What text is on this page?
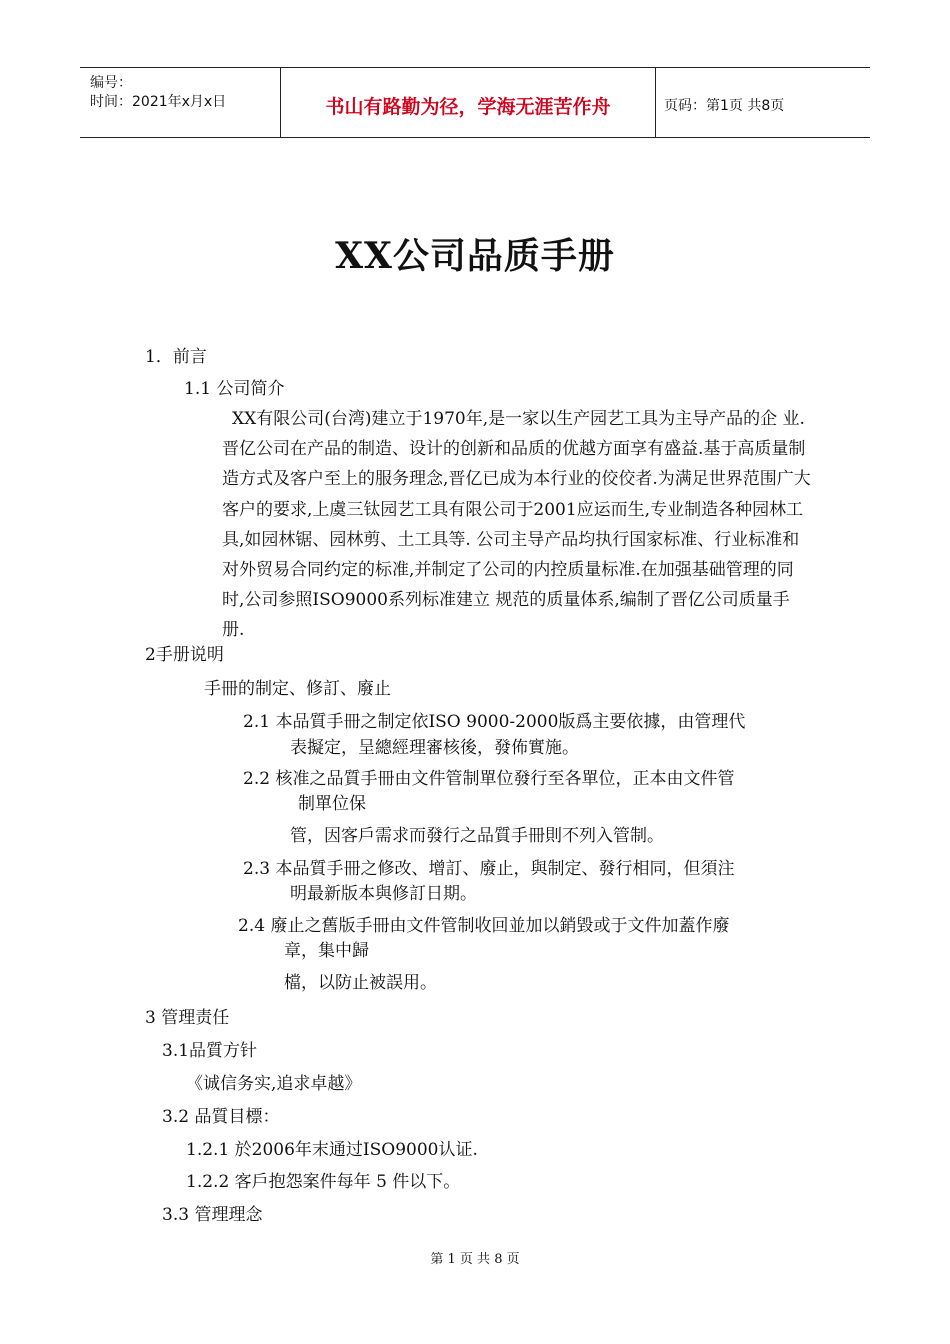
编号：
时间：2021年x月x日	书山有路勤为径，学海无涯苦作舟	页码：第1页 共8页
XX公司品质手册
1．前言
1.1 公司简介

XX有限公司(台湾)建立于1970年,是一家以生产园艺工具为主导产品的企 业.晋亿公司在产品的制造、设计的创新和品质的优越方面享有盛益.基于高质量制造方式及客户至上的服务理念,晋亿已成为本行业的佼佼者.为满足世界范围广大客户的要求,上虞三钛园艺工具有限公司于2001应运而生,专业制造各种园林工具,如园林锯、园林剪、土工具等. 公司主导产品均执行国家标准、行业标准和对外贸易合同约定的标准,并制定了公司的内控质量标准.在加强基础管理的同时,公司参照ISO9000系列标准建立 规范的质量体系,编制了晋亿公司质量手册.

2手册说明
手冊的制定、修訂、廢止
2.1 本品質手冊之制定依ISO 9000-2000版爲主要依據，由管理代
表擬定，呈總經理審核後，發佈實施。
2.2 核准之品質手冊由文件管制單位發行至各單位，正本由文件管
制單位保
管，因客戶需求而發行之品質手冊則不列入管制。
2.3 本品質手冊之修改、增訂、廢止，與制定、發行相同，但須注
明最新版本與修訂日期。
2.4 廢止之舊版手冊由文件管制收回並加以銷毀或于文件加蓋作廢
章，集中歸
檔，以防止被誤用。
3 管理责任
3.1品質方针
《诚信务实,追求卓越》
3.2 品質目標：
1.2.1 於2006年末通过ISO9000认证.
1.2.2 客戶抱怨案件每年 5 件以下。
3.3 管理理念
第 1 页 共 8 页
